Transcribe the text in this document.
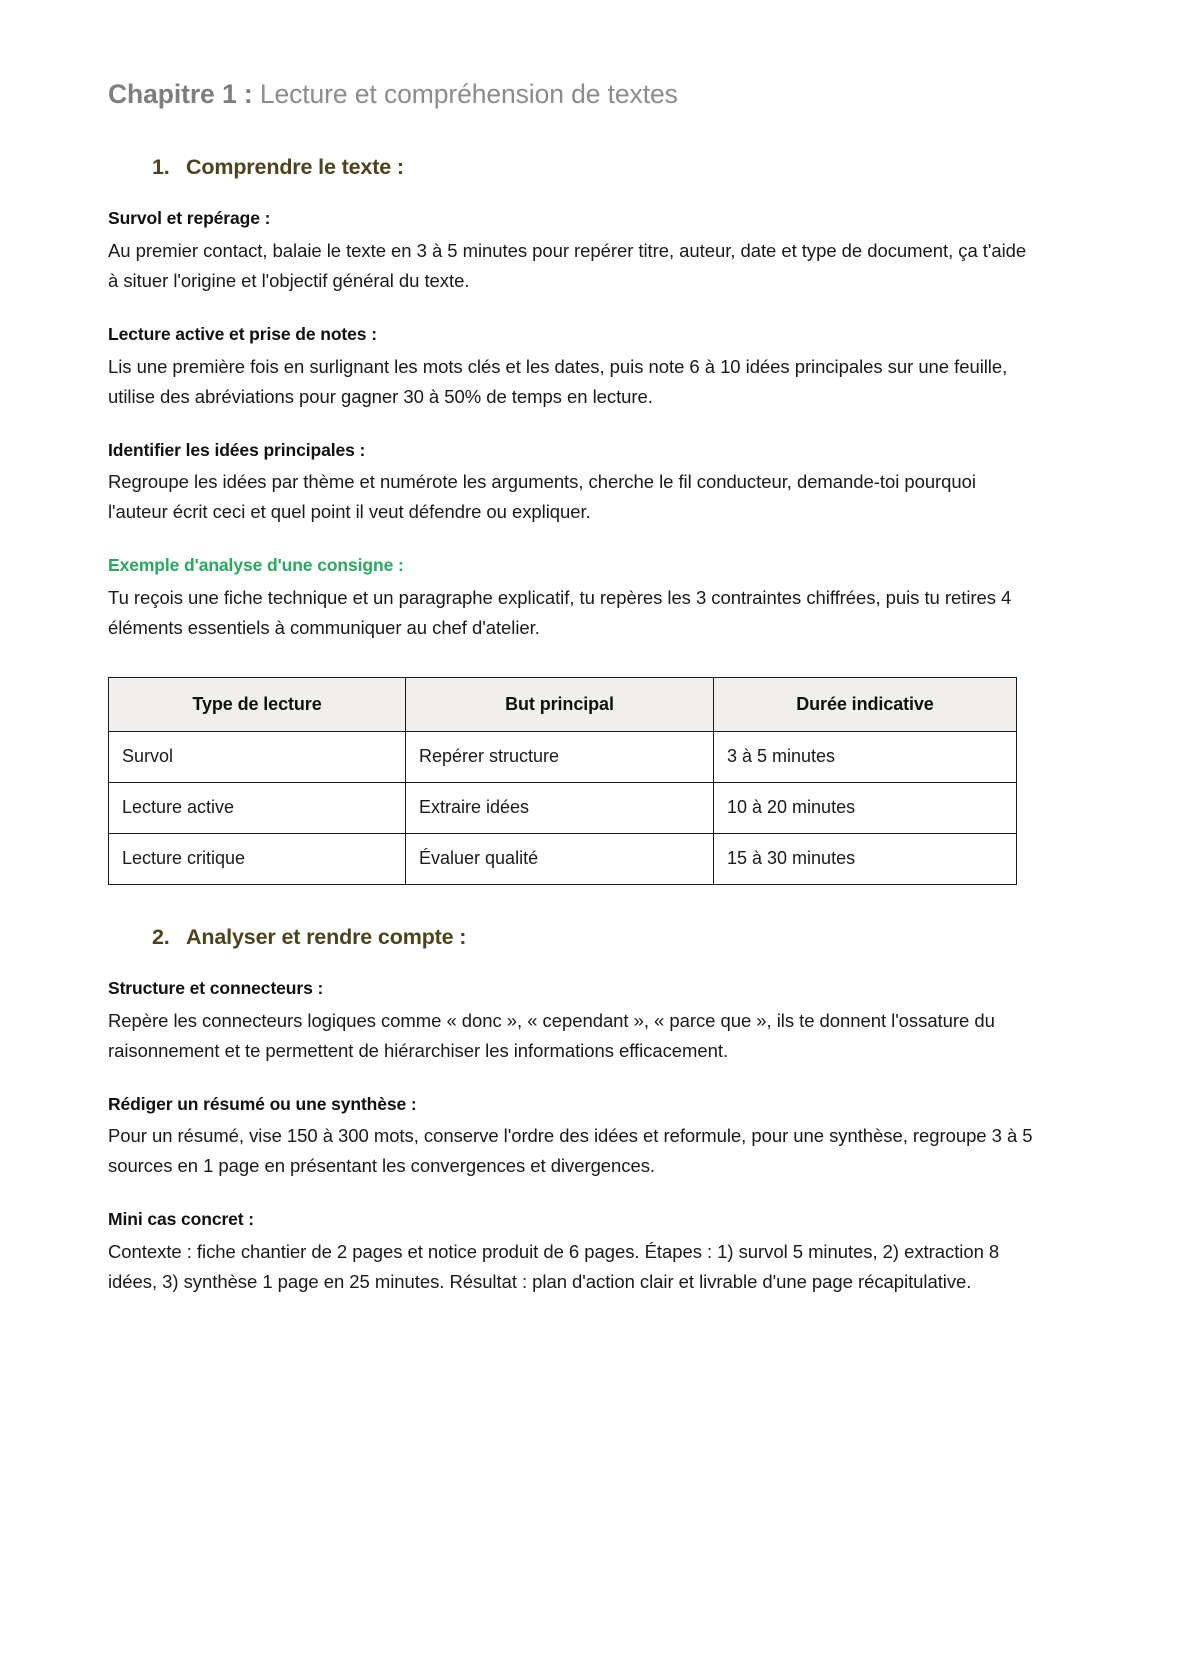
Chapitre 1 : Lecture et compréhension de textes
1. Comprendre le texte :

Survol et repérage :

Au premier contact, balaie le texte en 3 à 5 minutes pour repérer titre, auteur, date et type de document, ça t'aide à situer l'origine et l'objectif général du texte.

Lecture active et prise de notes :

Lis une première fois en surlignant les mots clés et les dates, puis note 6 à 10 idées principales sur une feuille, utilise des abréviations pour gagner 30 à 50% de temps en lecture.

Identifier les idées principales :

Regroupe les idées par thème et numérote les arguments, cherche le fil conducteur, demande-toi pourquoi l'auteur écrit ceci et quel point il veut défendre ou expliquer.

Exemple d'analyse d'une consigne :

Tu reçois une fiche technique et un paragraphe explicatif, tu repères les 3 contraintes chiffrées, puis tu retires 4 éléments essentiels à communiquer au chef d'atelier.

Type de lecture	But principal	Durée indicative
Survol	Repérer structure	3 à 5 minutes
Lecture active	Extraire idées	10 à 20 minutes
Lecture critique	Évaluer qualité	15 à 30 minutes
2. Analyser et rendre compte :

Structure et connecteurs :

Repère les connecteurs logiques comme « donc », « cependant », « parce que », ils te donnent l'ossature du raisonnement et te permettent de hiérarchiser les informations efficacement.

Rédiger un résumé ou une synthèse :

Pour un résumé, vise 150 à 300 mots, conserve l'ordre des idées et reformule, pour une synthèse, regroupe 3 à 5 sources en 1 page en présentant les convergences et divergences.

Mini cas concret :

Contexte : fiche chantier de 2 pages et notice produit de 6 pages. Étapes : 1) survol 5 minutes, 2) extraction 8 idées, 3) synthèse 1 page en 25 minutes. Résultat : plan d'action clair et livrable d'une page récapitulative.
